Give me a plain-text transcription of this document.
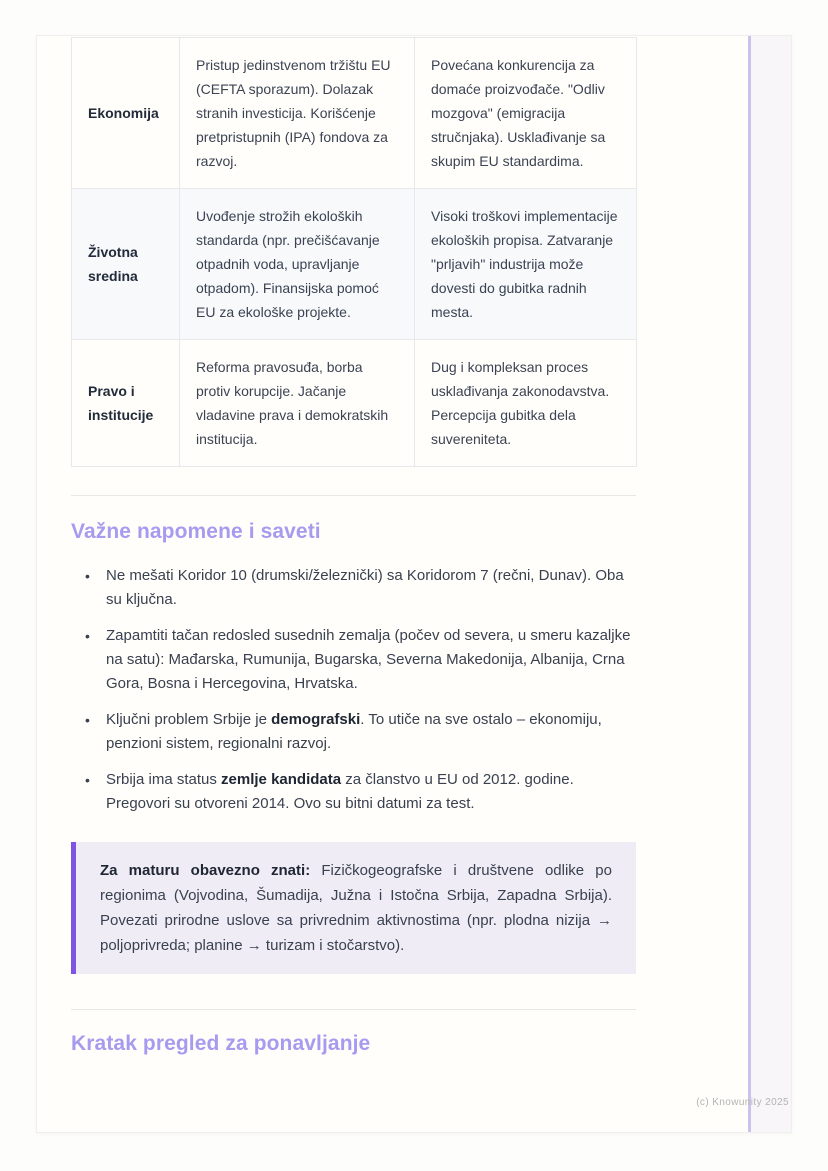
Ekonomija	Pristup jedinstvenom tržištu EU (CEFTA sporazum). Dolazak stranih investicija. Korišćenje pretpristupnih (IPA) fondova za razvoj.	Povećana konkurencija za domaće proizvođače. "Odliv mozgova" (emigracija stručnjaka). Usklađivanje sa skupim EU standardima.
Životna sredina	Uvođenje strožih ekoloških standarda (npr. prečišćavanje otpadnih voda, upravljanje otpadom). Finansijska pomoć EU za ekološke projekte.	Visoki troškovi implementacije ekoloških propisa. Zatvaranje "prljavih" industrija može dovesti do gubitka radnih mesta.
Pravo i institucije	Reforma pravosuđa, borba protiv korupcije. Jačanje vladavine prava i demokratskih institucija.	Dug i kompleksan proces usklađivanja zakonodavstva. Percepcija gubitka dela suvereniteta.
Važne napomene i saveti
• Ne mešati Koridor 10 (drumski/železnički) sa Koridorom 7 (rečni, Dunav). Oba su ključna.
• Zapamtiti tačan redosled susednih zemalja (počev od severa, u smeru kazaljke na satu): Mađarska, Rumunija, Bugarska, Severna Makedonija, Albanija, Crna Gora, Bosna i Hercegovina, Hrvatska.
• Ključni problem Srbije je demografski. To utiče na sve ostalo – ekonomiju, penzioni sistem, regionalni razvoj.
• Srbija ima status zemlje kandidata za članstvo u EU od 2012. godine. Pregovori su otvoreni 2014. Ovo su bitni datumi za test.
Za maturu obavezno znati: Fizičkogeografske i društvene odlike po regionima (Vojvodina, Šumadija, Južna i Istočna Srbija, Zapadna Srbija). Povezati prirodne uslove sa privrednim aktivnostima (npr. plodna nizija → poljoprivreda; planine → turizam i stočarstvo).
Kratak pregled za ponavljanje
(c) Knowunity 2025
